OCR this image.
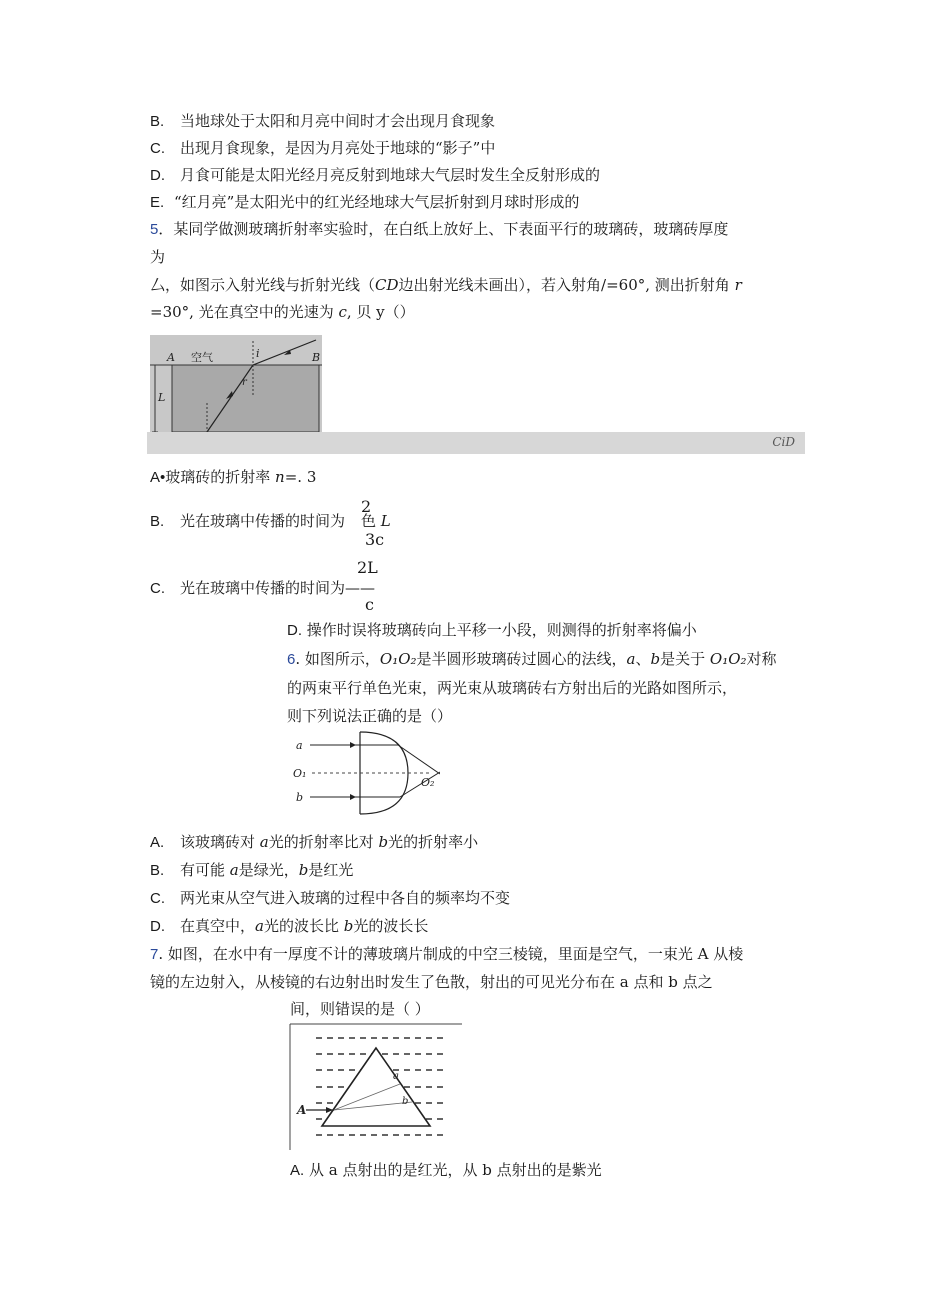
B. 当地球处于太阳和月亮中间时才会出现月食现象
C. 出现月食现象，是因为月亮处于地球的“影子”中
D. 月食可能是太阳光经月亮反射到地球大气层时发生全反射形成的
E. “红月亮”是太阳光中的红光经地球大气层折射到月球时形成的
5．某同学做测玻璃折射率实验时，在白纸上放好上、下表面平行的玻璃砖，玻璃砖厚度
为
厶，如图示入射光线与折射光线（CD边出射光线未画出），若入射角/=60°, 测出折射角 r
=30°, 光在真空中的光速为 c, 贝 y（）
A 空气	i
r
B
L
CiD
A•玻璃砖的折射率 n=. 3
B. 光在玻璃中传播的时间为 色 L
2
3c
2L
C. 光在玻璃中传播的时间为——
c
D. 操作时误将玻璃砖向上平移一小段，则测得的折射率将偏小
6. 如图所示，O₁O₂是半圆形玻璃砖过圆心的法线，a、b是关于 O₁O₂对称
的两束平行单色光束，两光束从玻璃砖右方射出后的光路如图所示，
则下列说法正确的是（）
a
O₁
b
O₂
A. 该玻璃砖对 a光的折射率比对 b光的折射率小
B. 有可能 a是绿光，b是红光
C. 两光束从空气进入玻璃的过程中各自的频率均不变
D. 在真空中，a光的波长比 b光的波长长
7. 如图，在水中有一厚度不计的薄玻璃片制成的中空三棱镜，里面是空气，一束光 A 从棱
镜的左边射入，从棱镜的右边射出时发生了色散，射出的可见光分布在 a 点和 b 点之
间，则错误的是（ ）
A
a
b
A. 从 a 点射出的是红光，从 b 点射出的是紫光
